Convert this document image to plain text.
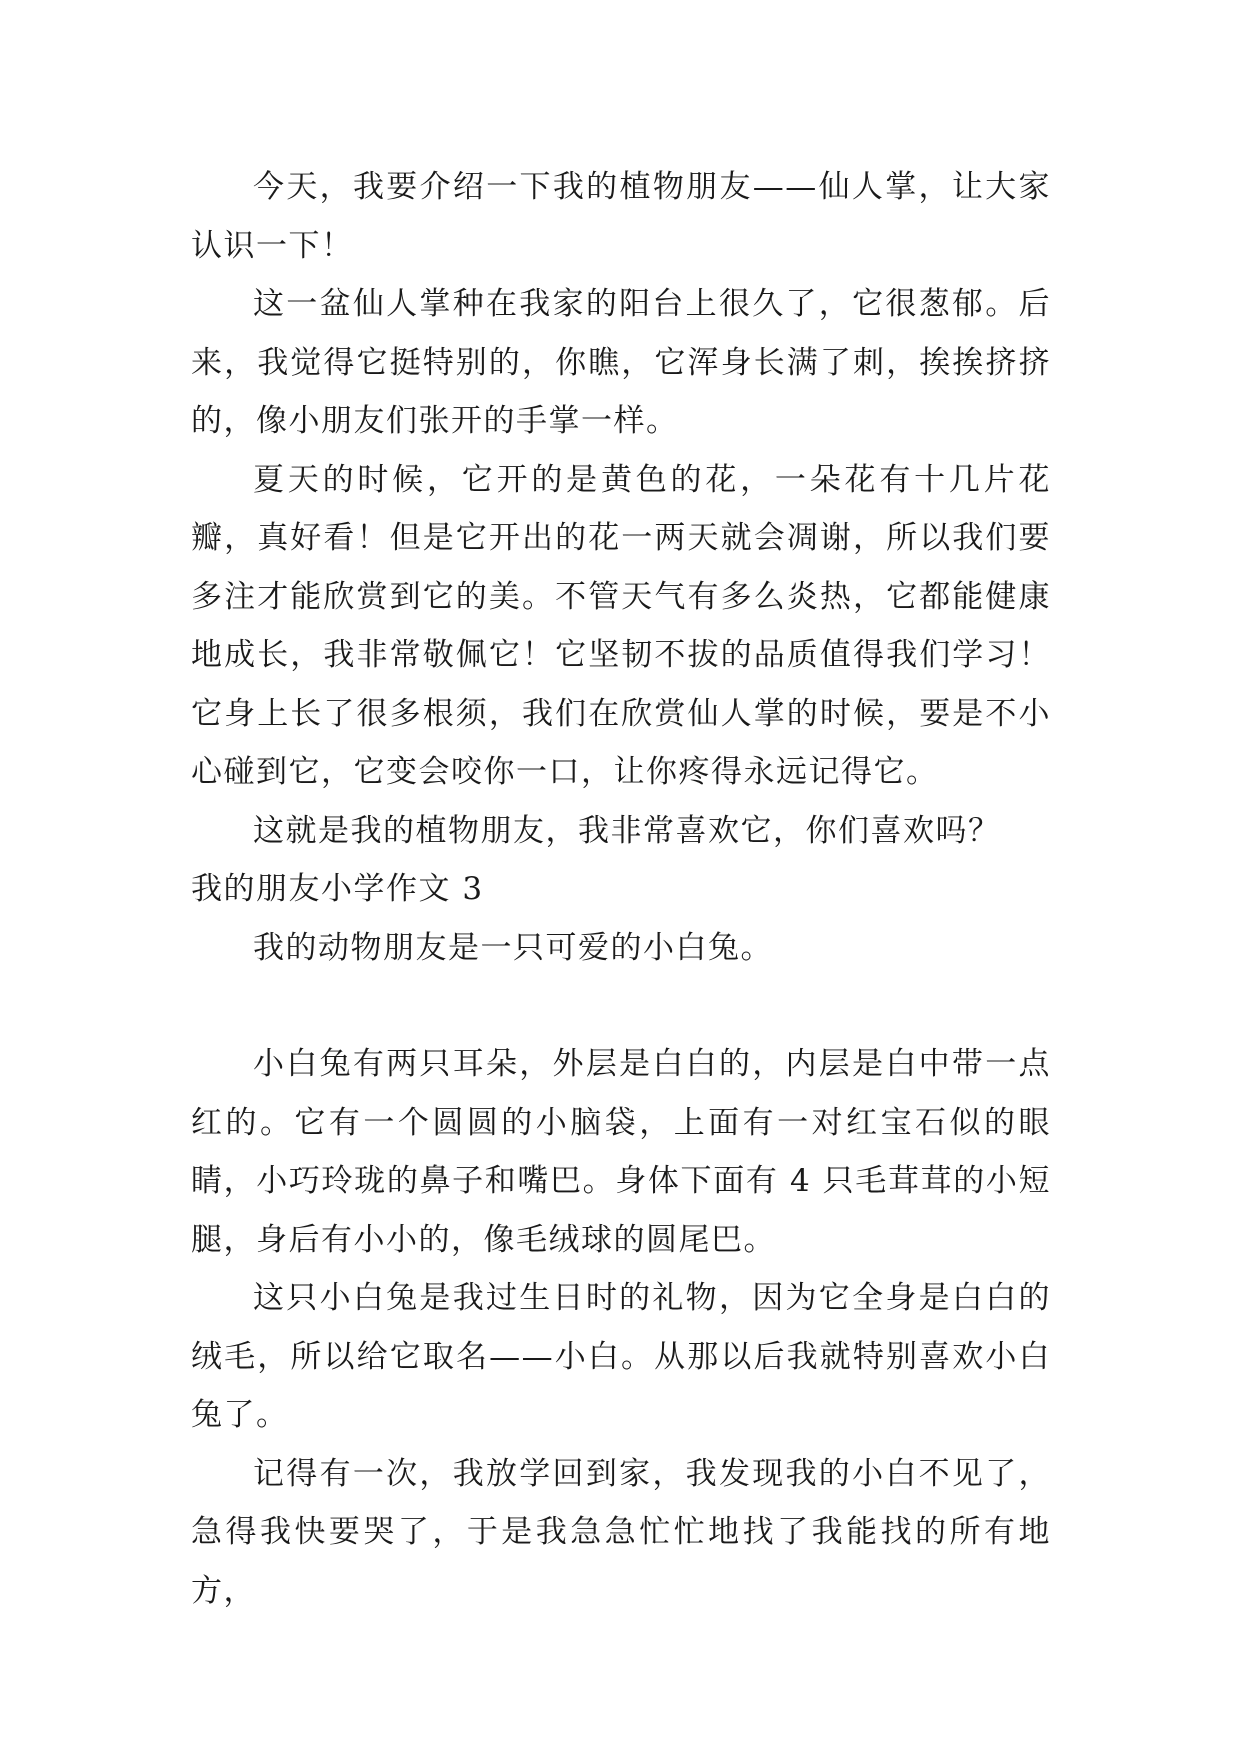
今天，我要介绍一下我的植物朋友——仙人掌，让大家认识一下！

这一盆仙人掌种在我家的阳台上很久了，它很葱郁。后来，我觉得它挺特别的，你瞧，它浑身长满了刺，挨挨挤挤的，像小朋友们张开的手掌一样。

夏天的时候，它开的是黄色的花，一朵花有十几片花瓣，真好看！但是它开出的花一两天就会凋谢，所以我们要多注才能欣赏到它的美。不管天气有多么炎热，它都能健康地成长，我非常敬佩它！它坚韧不拔的品质值得我们学习！它身上长了很多根须，我们在欣赏仙人掌的时候，要是不小心碰到它，它变会咬你一口，让你疼得永远记得它。

这就是我的植物朋友，我非常喜欢它，你们喜欢吗？

我的朋友小学作文 3

我的动物朋友是一只可爱的小白兔。

小白兔有两只耳朵，外层是白白的，内层是白中带一点红的。它有一个圆圆的小脑袋，上面有一对红宝石似的眼睛，小巧玲珑的鼻子和嘴巴。身体下面有 4 只毛茸茸的小短腿，身后有小小的，像毛绒球的圆尾巴。

这只小白兔是我过生日时的礼物，因为它全身是白白的绒毛，所以给它取名——小白。从那以后我就特别喜欢小白兔了。

记得有一次，我放学回到家，我发现我的小白不见了，急得我快要哭了，于是我急急忙忙地找了我能找的所有地方，
